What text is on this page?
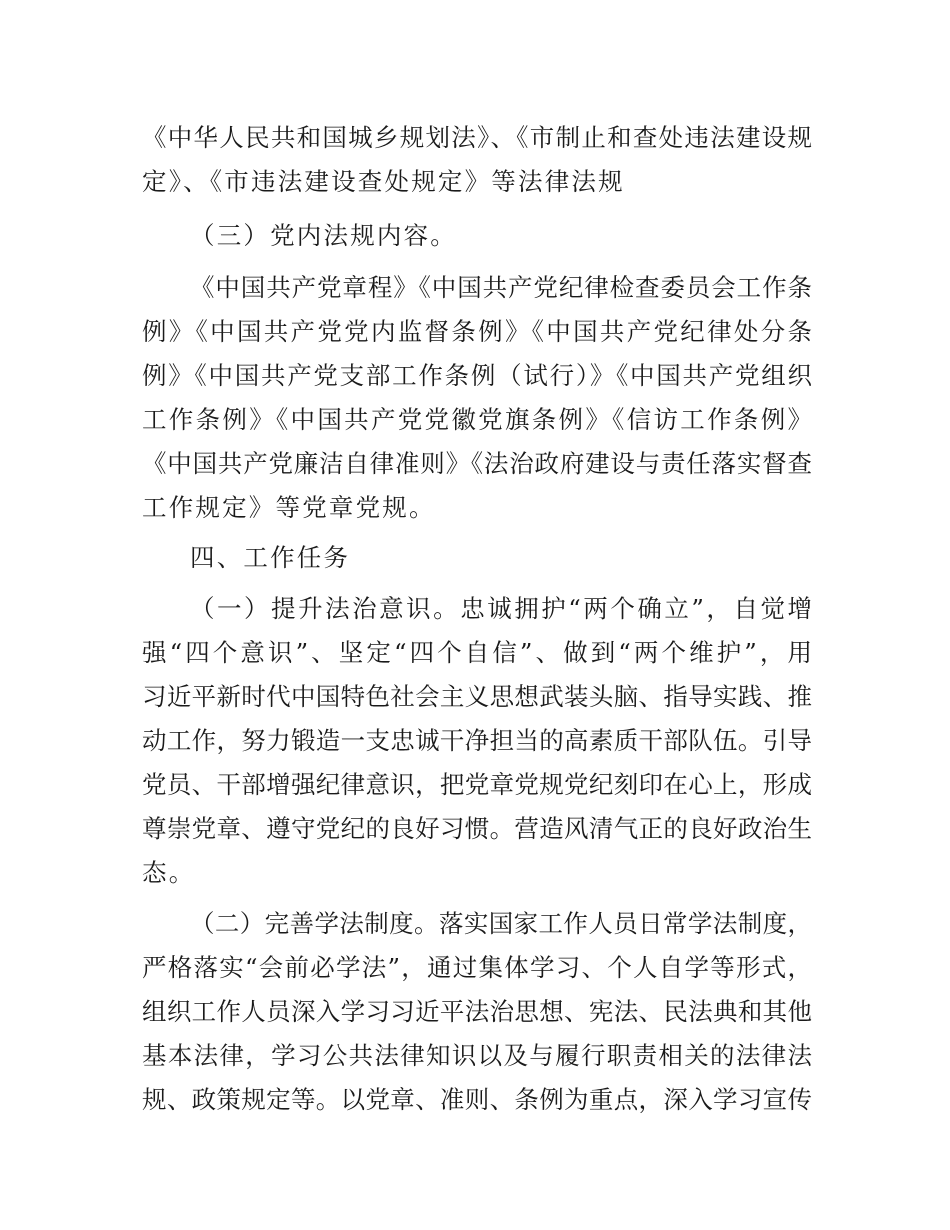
《中华人民共和国城乡规划法》、《市制止和查处违法建设规
定》、《市违法建设查处规定》等法律法规
（三）党内法规内容。
《中国共产党章程》《中国共产党纪律检查委员会工作条
例》《中国共产党党内监督条例》《中国共产党纪律处分条
例》《中国共产党支部工作条例（试行）》《中国共产党组织
工作条例》《中国共产党党徽党旗条例》《信访工作条例》
《中国共产党廉洁自律准则》《法治政府建设与责任落实督查
工作规定》等党章党规。
四、工作任务
（一）提升法治意识。忠诚拥护“两个确立”，自觉增
强“四个意识”、坚定“四个自信”、做到“两个维护”，用
习近平新时代中国特色社会主义思想武装头脑、指导实践、推
动工作，努力锻造一支忠诚干净担当的高素质干部队伍。引导
党员、干部增强纪律意识，把党章党规党纪刻印在心上，形成
尊崇党章、遵守党纪的良好习惯。营造风清气正的良好政治生
态。
（二）完善学法制度。落实国家工作人员日常学法制度，
严格落实“会前必学法”，通过集体学习、个人自学等形式，
组织工作人员深入学习习近平法治思想、宪法、民法典和其他
基本法律，学习公共法律知识以及与履行职责相关的法律法
规、政策规定等。以党章、准则、条例为重点，深入学习宣传
